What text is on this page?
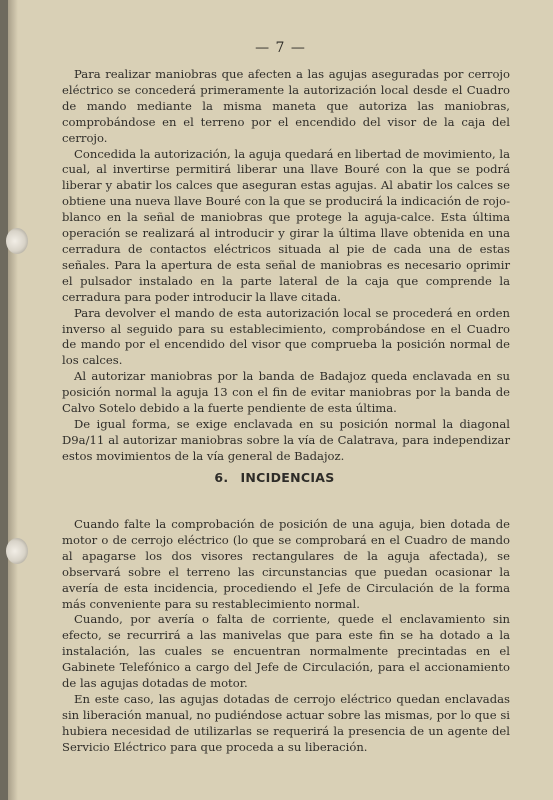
— 7 —

Para realizar maniobras que afecten a las agujas aseguradas por cerrojo eléctrico se concederá primeramente la autorización local desde el Cuadro de mando mediante la misma maneta que autoriza las maniobras, comprobándose en el terreno por el encendido del visor de la caja del cerrojo.

Concedida la autorización, la aguja quedará en libertad de movimiento, la cual, al invertirse permitirá liberar una llave Bouré con la que se podrá liberar y abatir los calces que aseguran estas agujas. Al abatir los calces se obtiene una nueva llave Bouré con la que se producirá la indicación de rojo-blanco en la señal de maniobras que protege la aguja-calce. Esta última operación se realizará al introducir y girar la última llave obtenida en una cerradura de contactos eléctricos situada al pie de cada una de estas señales. Para la apertura de esta señal de maniobras es necesario oprimir el pulsador instalado en la parte lateral de la caja que comprende la cerradura para poder introducir la llave citada.

Para devolver el mando de esta autorización local se procederá en orden inverso al seguido para su establecimiento, comprobándose en el Cuadro de mando por el encendido del visor que comprueba la posición normal de los calces.

Al autorizar maniobras por la banda de Badajoz queda enclavada en su posición normal la aguja 13 con el fin de evitar maniobras por la banda de Calvo Sotelo debido a la fuerte pendiente de esta última.

De igual forma, se exige enclavada en su posición normal la diagonal D9a/11 al autorizar maniobras sobre la vía de Calatrava, para independizar estos movimientos de la vía general de Badajoz.

6. INCIDENCIAS

Cuando falte la comprobación de posición de una aguja, bien dotada de motor o de cerrojo eléctrico (lo que se comprobará en el Cuadro de mando al apagarse los dos visores rectangulares de la aguja afectada), se observará sobre el terreno las circunstancias que puedan ocasionar la avería de esta incidencia, procediendo el Jefe de Circulación de la forma más conveniente para su restablecimiento normal.

Cuando, por avería o falta de corriente, quede el enclavamiento sin efecto, se recurrirá a las manivelas que para este fin se ha dotado a la instalación, las cuales se encuentran normalmente precintadas en el Gabinete Telefónico a cargo del Jefe de Circulación, para el accionamiento de las agujas dotadas de motor.

En este caso, las agujas dotadas de cerrojo eléctrico quedan enclavadas sin liberación manual, no pudiéndose actuar sobre las mismas, por lo que si hubiera necesidad de utilizarlas se requerirá la presencia de un agente del Servicio Eléctrico para que proceda a su liberación.
